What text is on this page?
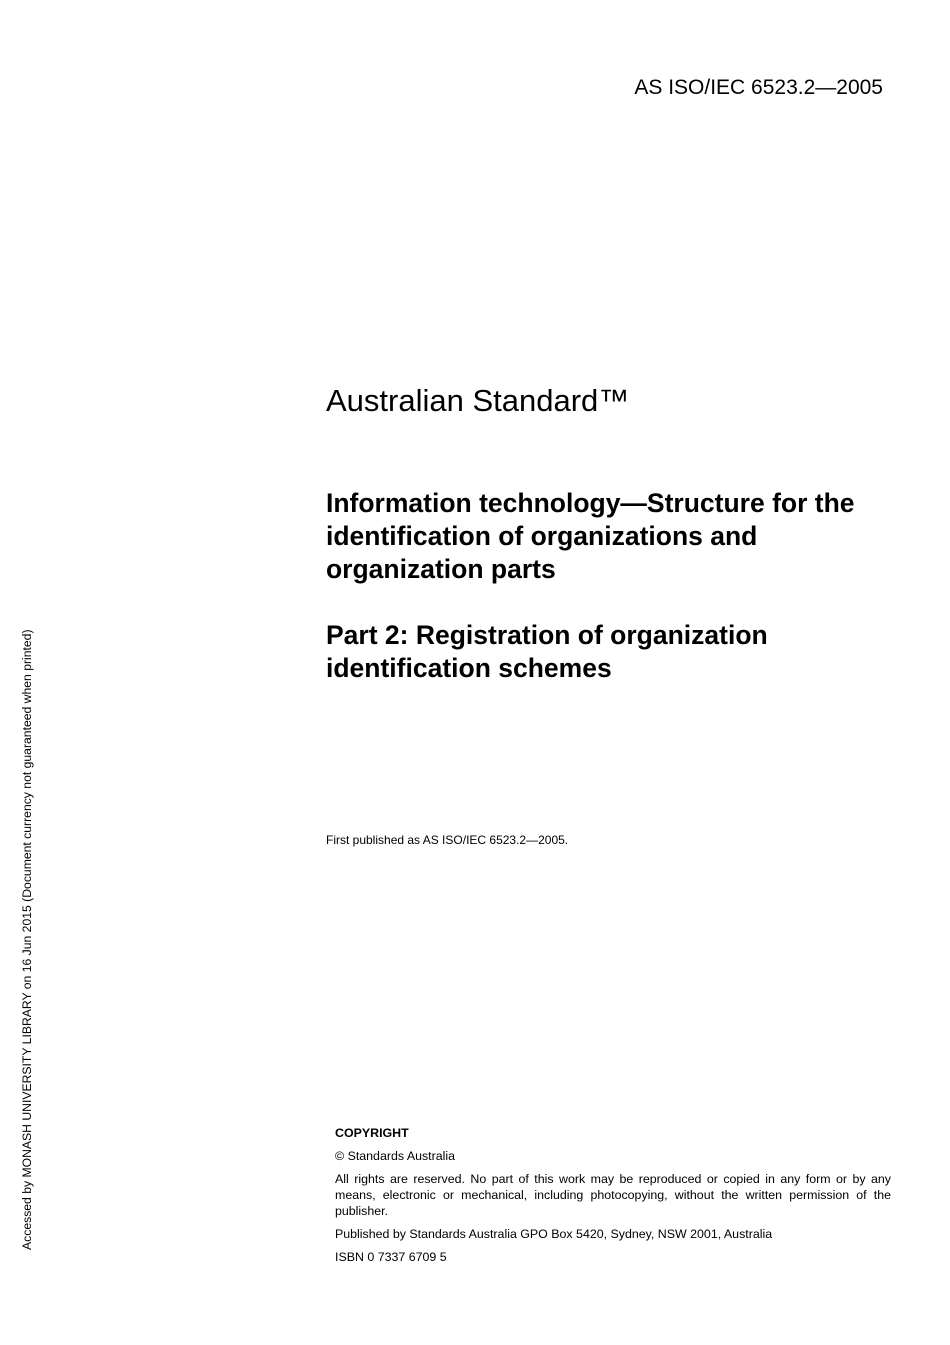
AS ISO/IEC 6523.2—2005
Australian Standard™
Information technology—Structure for the identification of organizations and organization parts
Part 2: Registration of organization identification schemes
First published as AS ISO/IEC 6523.2—2005.

COPYRIGHT

© Standards Australia

All rights are reserved. No part of this work may be reproduced or copied in any form or by any means, electronic or mechanical, including photocopying, without the written permission of the publisher.

Published by Standards Australia GPO Box 5420, Sydney, NSW 2001, Australia

ISBN 0 7337 6709 5

Accessed by MONASH UNIVERSITY LIBRARY on 16 Jun 2015 (Document currency not guaranteed when printed)
